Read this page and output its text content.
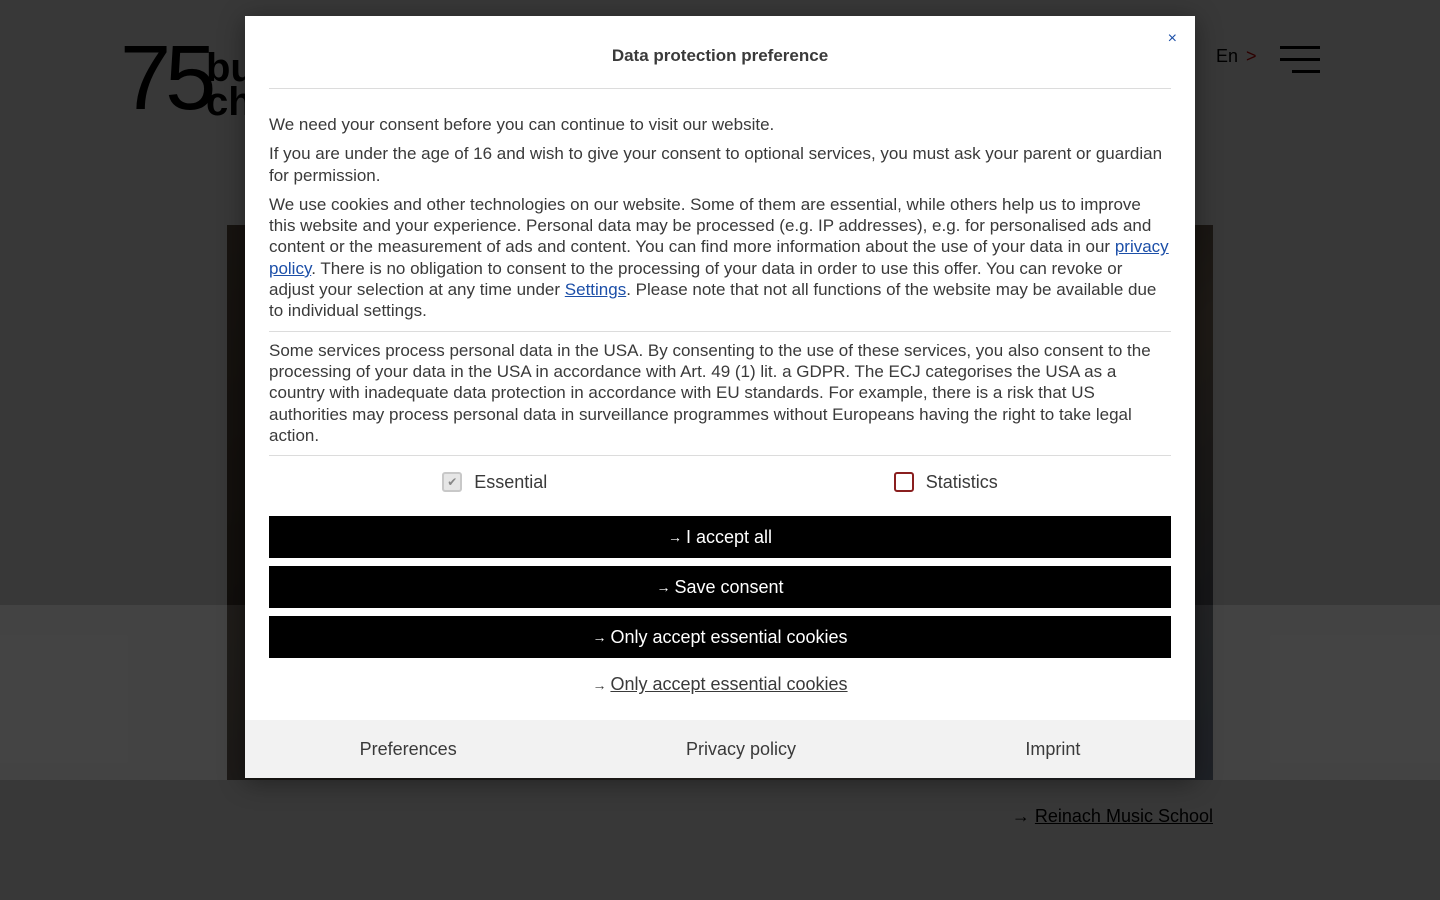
×
Data protection preference

We need your consent before you can continue to visit our website.

If you are under the age of 16 and wish to give your consent to optional services, you must ask your parent or guardian for permission.

We use cookies and other technologies on our website. Some of them are essential, while others help us to improve this website and your experience. Personal data may be processed (e.g. IP addresses), e.g. for personalised ads and content or the measurement of ads and content. You can find more information about the use of your data in our privacy policy. There is no obligation to consent to the processing of your data in order to use this offer. You can revoke or adjust your selection at any time under Settings. Please note that not all functions of the website may be available due to individual settings.

Some services process personal data in the USA. By consenting to the use of these services, you also consent to the processing of your data in the USA in accordance with Art. 49 (1) lit. a GDPR. The ECJ categorises the USA as a country with inadequate data protection in accordance with EU standards. For example, there is a risk that US authorities may process personal data in surveillance programmes without Europeans having the right to take legal action.

✔ Essential	Statistics
→ I accept all
→ Save consent
→ Only accept essential cookies
→ Only accept essential cookies
Preferences	Privacy policy	Imprint
